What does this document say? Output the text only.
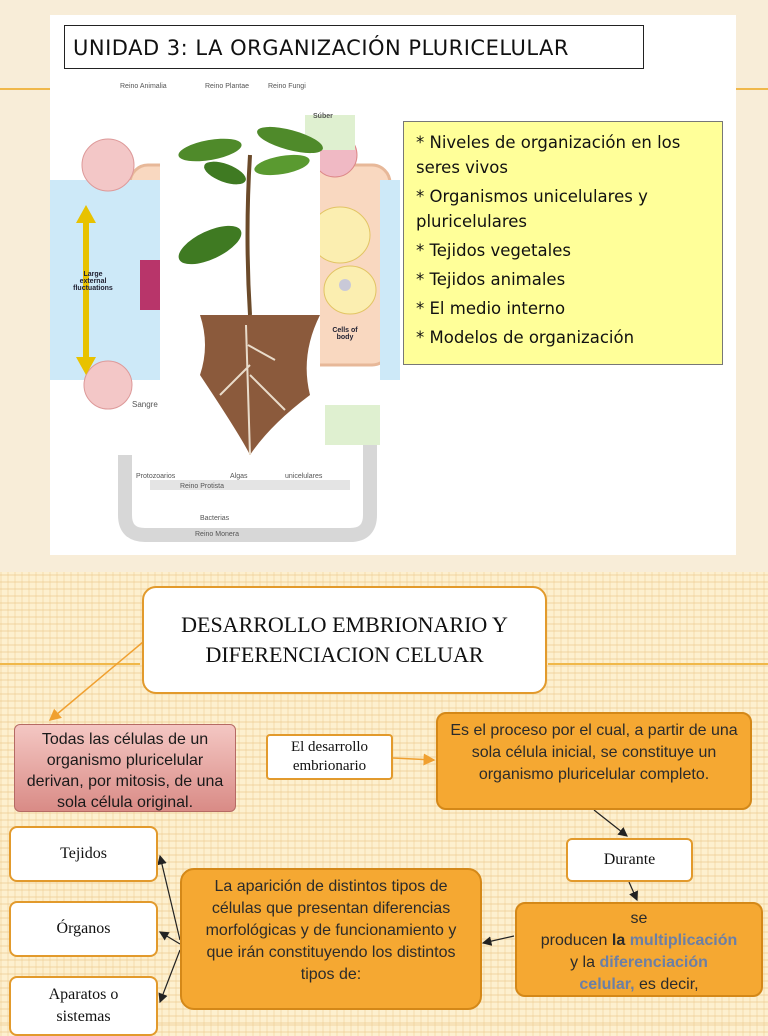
Reino Animalia	Reino Plantae	Reino Fungi
Súber
Large external fluctuations
Cells of body
Sangre
Protozoarios	Algas	unicelulares
Reino Protista
Bacterias
Reino Monera
UNIDAD 3: LA ORGANIZACIÓN PLURICELULAR
* Niveles de organización en los seres vivos
* Organismos unicelulares y pluricelulares
* Tejidos vegetales
* Tejidos animales
* El medio interno
* Modelos de organización
DESARROLLO EMBRIONARIO Y DIFERENCIACION CELUAR
Todas las células de un organismo pluricelular derivan, por mitosis, de una sola célula original.
El desarrollo embrionario
Es el proceso por el cual, a partir de una sola célula inicial, se constituye un organismo pluricelular completo.
Durante
se
producen la multiplicación
y la diferenciación
celular, es decir,
La aparición de distintos tipos de células que presentan diferencias morfológicas y de funcionamiento y que irán constituyendo los distintos tipos de:
Tejidos
Órganos
Aparatos o sistemas
